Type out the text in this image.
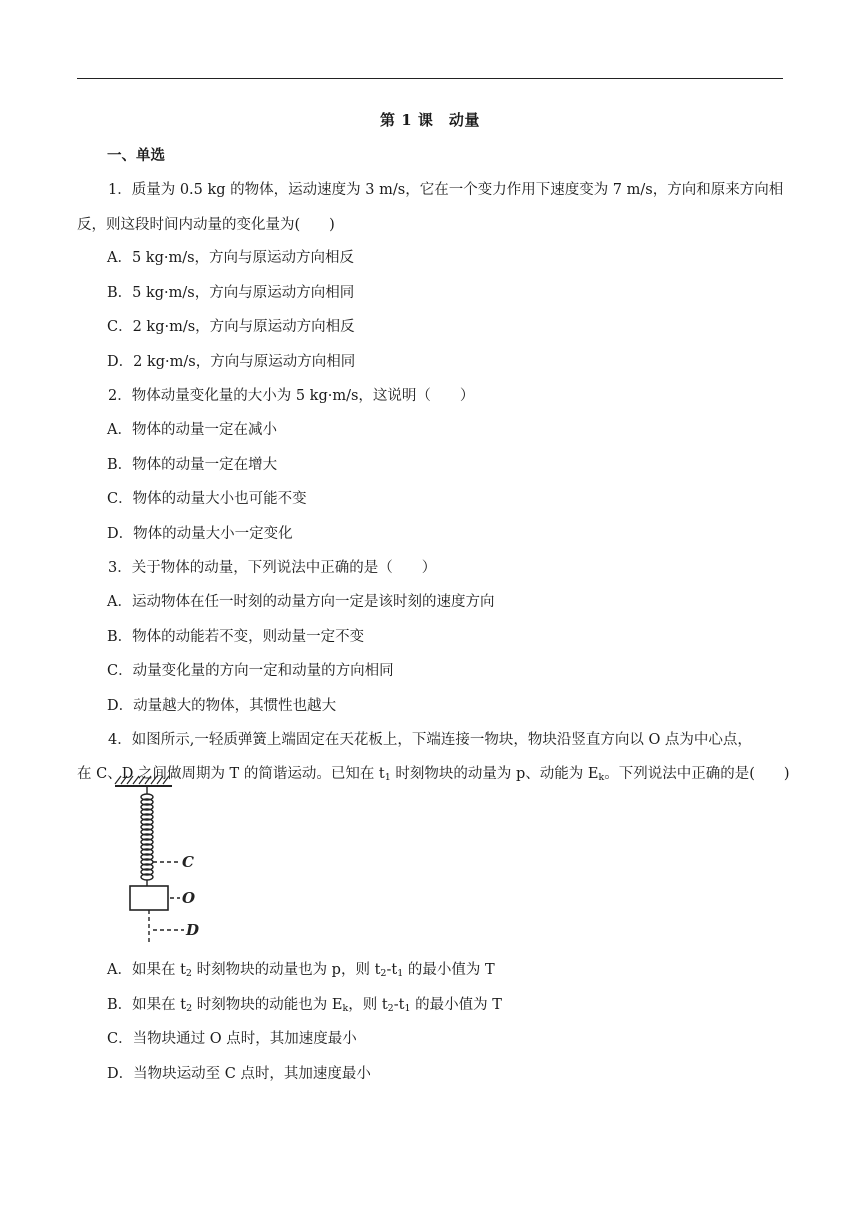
第 1 课　动量
一、单选
1．质量为 0.5 kg 的物体，运动速度为 3 m/s，它在一个变力作用下速度变为 7 m/s，方向和原来方向相
反，则这段时间内动量的变化量为(　　)
A．5 kg·m/s，方向与原运动方向相反
B．5 kg·m/s，方向与原运动方向相同
C．2 kg·m/s，方向与原运动方向相反
D．2 kg·m/s，方向与原运动方向相同
2．物体动量变化量的大小为 5 kg·m/s，这说明（　　）
A．物体的动量一定在减小
B．物体的动量一定在增大
C．物体的动量大小也可能不变
D．物体的动量大小一定变化
3．关于物体的动量，下列说法中正确的是（　　）
A．运动物体在任一时刻的动量方向一定是该时刻的速度方向
B．物体的动能若不变，则动量一定不变
C．动量变化量的方向一定和动量的方向相同
D．动量越大的物体，其惯性也越大
4．如图所示,一轻质弹簧上端固定在天花板上，下端连接一物块，物块沿竖直方向以 O 点为中心点，
在 C、D 之间做周期为 T 的简谐运动。已知在 $t_1$ 时刻物块的动量为 p、动能为 $E_k$。下列说法中正确的是(　　)
C
O
D
A．如果在 $t_2$ 时刻物块的动量也为 p，则 $t_2-t_1$ 的最小值为 T
B．如果在 $t_2$ 时刻物块的动能也为 $E_k$，则 $t_2-t_1$ 的最小值为 T
C．当物块通过 O 点时，其加速度最小
D．当物块运动至 C 点时，其加速度最小
